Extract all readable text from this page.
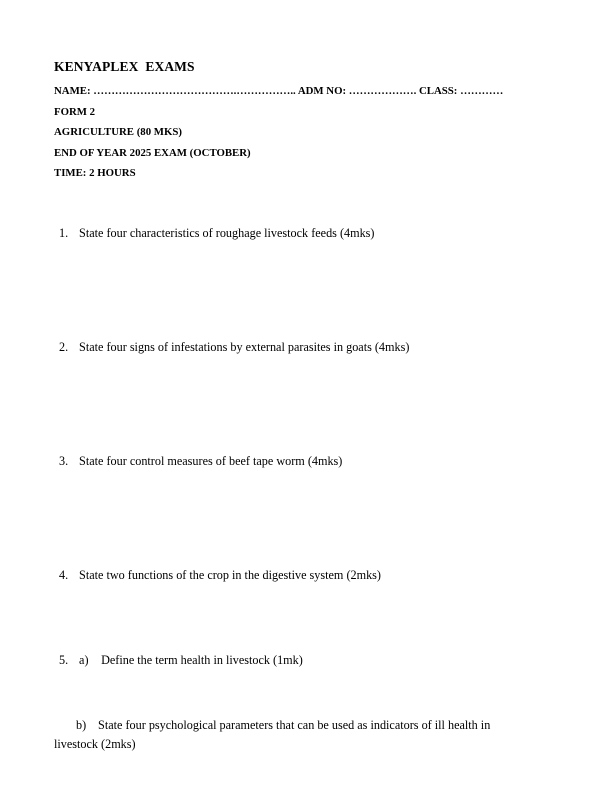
KENYAPLEX  EXAMS
NAME: ………………………………….…………….. ADM NO: ………………. CLASS: …………
FORM 2
AGRICULTURE (80 MKS)
END OF YEAR 2025 EXAM (OCTOBER)
TIME: 2 HOURS
1. State four characteristics of roughage livestock feeds (4mks)
2. State four signs of infestations by external parasites in goats (4mks)
3. State four control measures of beef tape worm (4mks)
4. State two functions of the crop in the digestive system (2mks)
5. a) Define the term health in livestock (1mk)
b) State four psychological parameters that can be used as indicators of ill health in
livestock (2mks)
